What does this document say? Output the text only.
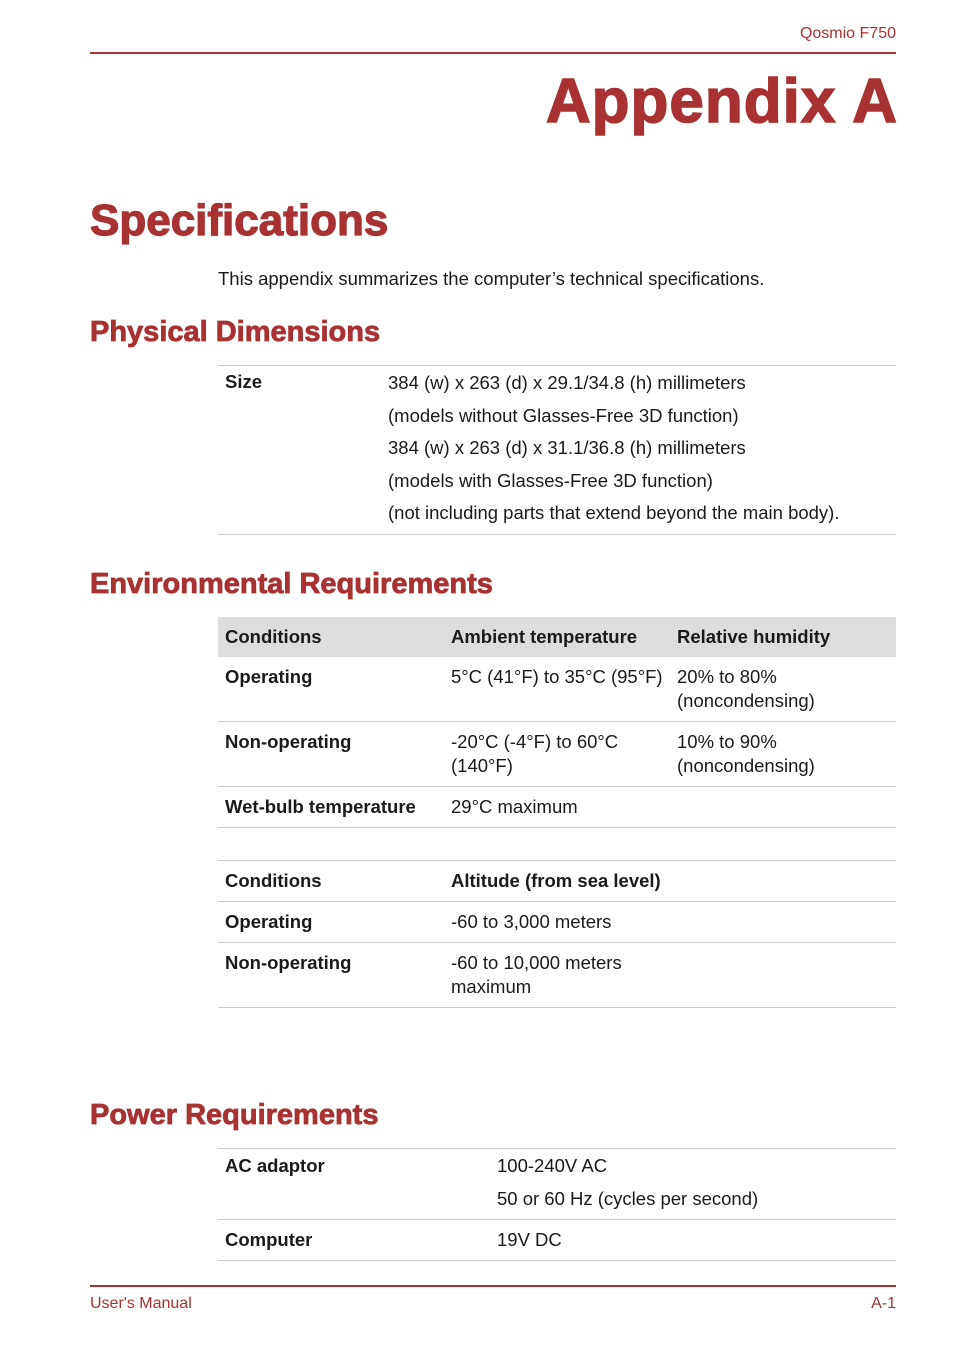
Qosmio F750
Appendix A
Specifications

This appendix summarizes the computer’s technical specifications.

Physical Dimensions
Size	384 (w) x 263 (d) x 29.1/34.8 (h) millimeters
(models without Glasses-Free 3D function)
384 (w) x 263 (d) x 31.1/36.8 (h) millimeters
(models with Glasses-Free 3D function)
(not including parts that extend beyond the main body).
Environmental Requirements
Conditions	Ambient temperature	Relative humidity
Operating	5°C (41°F) to 35°C (95°F)	20% to 80% (noncondensing)
Non-operating	-20°C (-4°F) to 60°C (140°F)	10% to 90% (noncondensing)
Wet-bulb temperature	29°C maximum	
Conditions	Altitude (from sea level)	
Operating	-60 to 3,000 meters	
Non-operating	-60 to 10,000 meters maximum	
Power Requirements
AC adaptor	100-240V AC
50 or 60 Hz (cycles per second)

Computer	19V DC
User's Manual	A-1
